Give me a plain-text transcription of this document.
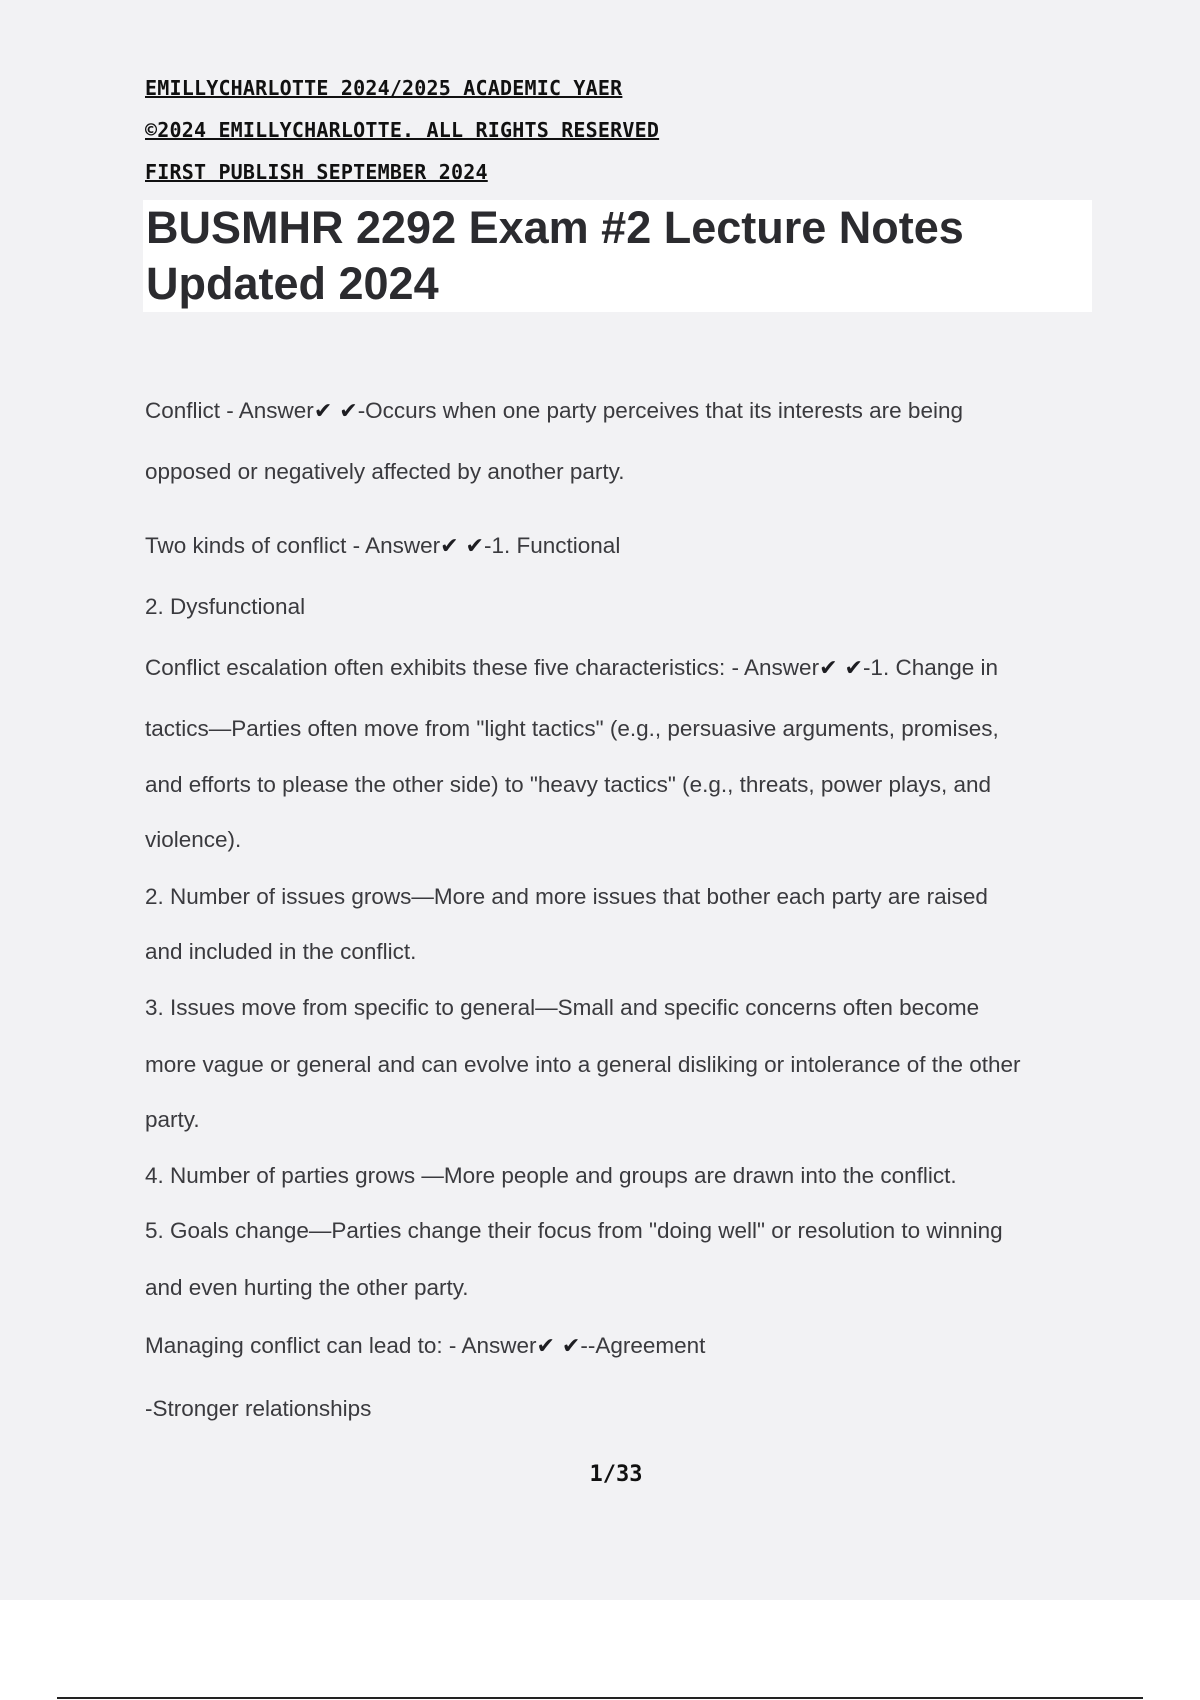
EMILLYCHARLOTTE 2024/2025 ACADEMIC YAER
©2024 EMILLYCHARLOTTE. ALL RIGHTS RESERVED
FIRST PUBLISH SEPTEMBER 2024
BUSMHR 2292 Exam #2 Lecture Notes Updated 2024
Conflict - Answer✔ ✔-Occurs when one party perceives that its interests are being
opposed or negatively affected by another party.
Two kinds of conflict - Answer✔ ✔-1. Functional
2. Dysfunctional
Conflict escalation often exhibits these five characteristics: - Answer✔ ✔-1. Change in
tactics—Parties often move from "light tactics" (e.g., persuasive arguments, promises,
and efforts to please the other side) to "heavy tactics" (e.g., threats, power plays, and
violence).
2. Number of issues grows—More and more issues that bother each party are raised
and included in the conflict.
3. Issues move from specific to general—Small and specific concerns often become
more vague or general and can evolve into a general disliking or intolerance of the other
party.
4. Number of parties grows —More people and groups are drawn into the conflict.
5. Goals change—Parties change their focus from "doing well" or resolution to winning
and even hurting the other party.
Managing conflict can lead to: - Answer✔ ✔--Agreement
-Stronger relationships
1/33
